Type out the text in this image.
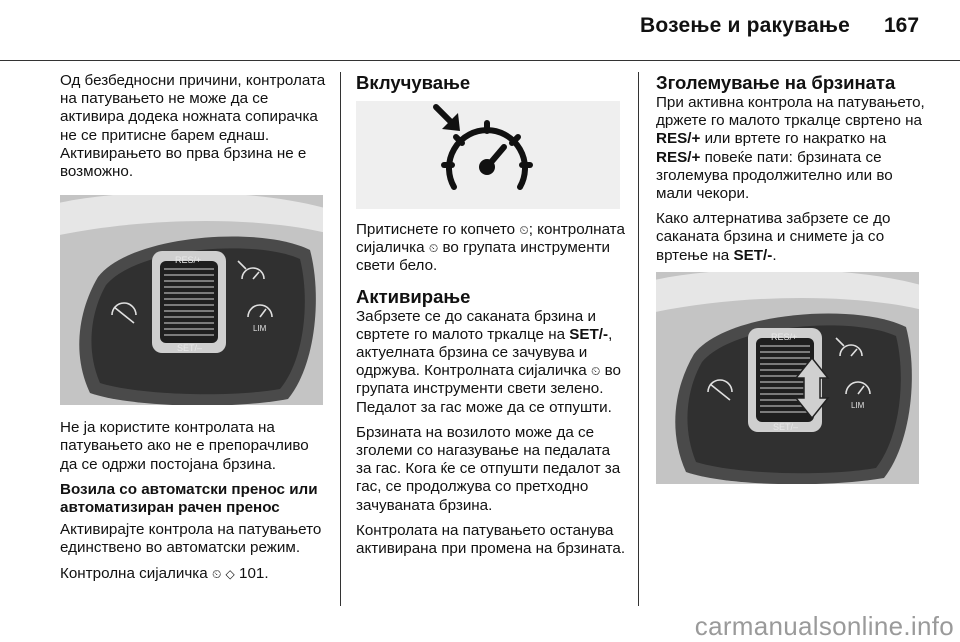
Возење и ракување 167

Од безбедносни причини, контролата на патувањето не може да се активира додека ножната сопирачка не се притисне барем еднаш. Активирањето во прва брзина не е возможно.

RES/+
SET/–
LIM

Не ја користите контролата на патувањето ако не е препорачливо да се одржи постојана брзина.

Возила со автоматски пренос или автоматизиран рачен пренос

Активирајте контрола на патувањето единствено во автоматски режим.

Контролна сијаличка ⏲ ◇ 101.

Вклучување

Притиснете го копчето ⏲; контролната сијаличка ⏲ во групата инструменти свети бело.

Активирање

Забрзете се до саканата брзина и свртете го малото тркалце на SET/-, актуелната брзина се зачувува и одржува. Контролната сијаличка ⏲ во групата инструменти свети зелено. Педалот за гас може да се отпушти.

Брзината на возилото може да се зголеми со нагазување на педалата за гас. Кога ќе се отпушти педалот за гас, се продолжува со претходно зачуваната брзина.

Контролата на патувањето останува активирана при промена на брзината.

Зголемување на брзината

При активна контрола на патувањето, држете го малото тркалце свртено на RES/+ или вртете го накратко на RES/+ повеќе пати: брзината се зголемува продолжително или во мали чекори.

Како алтернатива забрзете се до саканата брзина и снимете ја со вртење на SET/-.

RES/+
SET/–
LIM
carmanualsonline.info
